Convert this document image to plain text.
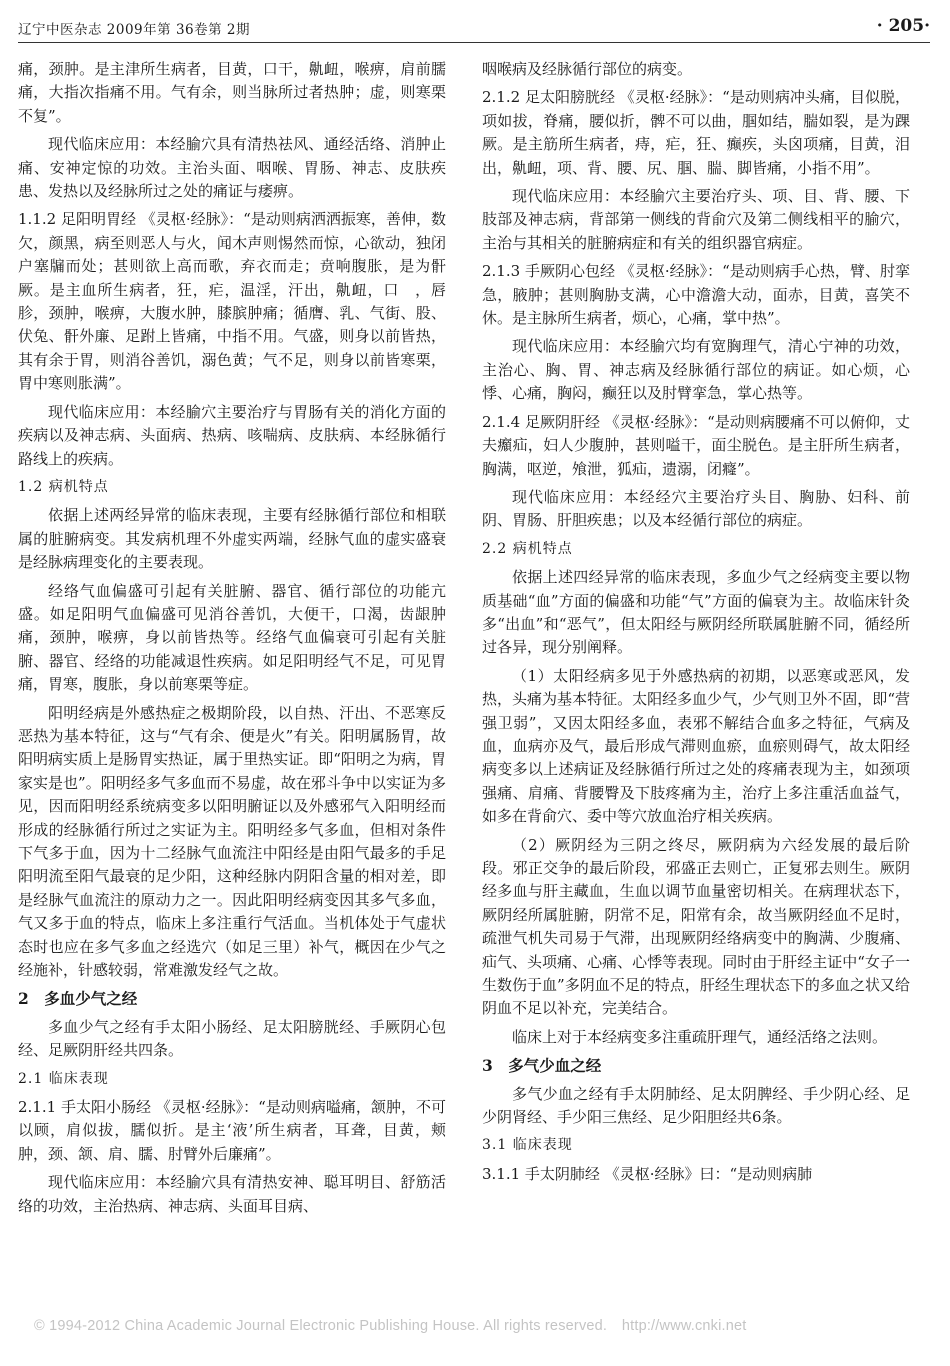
辽宁中医杂志 2009年第 36卷第 2期	· 205·

痛，颈肿。是主津所生病者，目黄，口干，鼽衄，喉痹，肩前臑痛，大指次指痛不用。气有余，则当脉所过者热肿；虚，则寒栗不复”。

现代临床应用：本经腧穴具有清热祛风、通经活络、消肿止痛、安神定惊的功效。主治头面、咽喉、胃肠、神志、皮肤疾患、发热以及经脉所过之处的痛证与痿痹。

1.1.2 足阳明胃经 《灵枢·经脉》：“是动则病洒洒振寒，善伸，数欠，颜黑，病至则恶人与火，闻木声则惕然而惊，心欲动，独闭户塞牖而处；甚则欲上高而歌，弃衣而走；贲响腹胀，是为骭厥。是主血所生病者，狂，疟，温淫，汗出，鼽衄，口　，唇胗，颈肿，喉痹，大腹水肿，膝膑肿痛；循膺、乳、气街、股、伏兔、骭外廉、足跗上皆痛，中指不用。气盛，则身以前皆热，其有余于胃，则消谷善饥，溺色黄；气不足，则身以前皆寒栗，胃中寒则胀满”。

现代临床应用：本经腧穴主要治疗与胃肠有关的消化方面的疾病以及神志病、头面病、热病、咳喘病、皮肤病、本经脉循行路线上的疾病。

1.2 病机特点

依据上述两经异常的临床表现，主要有经脉循行部位和相联属的脏腑病变。其发病机理不外虚实两端，经脉气血的虚实盛衰是经脉病理变化的主要表现。

经络气血偏盛可引起有关脏腑、器官、循行部位的功能亢盛。如足阳明气血偏盛可见消谷善饥，大便干，口渴，齿龈肿痛，颈肿，喉痹，身以前皆热等。经络气血偏衰可引起有关脏腑、器官、经络的功能减退性疾病。如足阳明经气不足，可见胃痛，胃寒，腹胀，身以前寒栗等症。

阳明经病是外感热症之极期阶段，以自热、汗出、不恶寒反恶热为基本特征，这与“气有余、便是火”有关。阳明属肠胃，故阳明病实质上是肠胃实热证，属于里热实证。即“阳明之为病，胃家实是也”。阳明经多气多血而不易虚，故在邪斗争中以实证为多见，因而阳明经系统病变多以阳明腑证以及外感邪气入阳明经而形成的经脉循行所过之实证为主。阳明经多气多血，但相对条件下气多于血，因为十二经脉气血流注中阳经是由阳气最多的手足阳明流至阳气最衰的足少阳，这种经脉内阴阳含量的相对差，即是经脉气血流注的原动力之一。因此阳明经病变因其多气多血，气又多于血的特点，临床上多注重行气活血。当机体处于气虚状态时也应在多气多血之经选穴（如足三里）补气，概因在少气之经施补，针感较弱，常难激发经气之故。

2　多血少气之经

多血少气之经有手太阳小肠经、足太阳膀胱经、手厥阴心包经、足厥阴肝经共四条。

2.1 临床表现

2.1.1 手太阳小肠经 《灵枢·经脉》：“是动则病嗌痛，颔肿，不可以顾，肩似拔，臑似折。是主‘液’所生病者，耳聋，目黄，颊肿，颈、颔、肩、臑、肘臂外后廉痛”。

现代临床应用：本经腧穴具有清热安神、聪耳明目、舒筋活络的功效，主治热病、神志病、头面耳目病、

咽喉病及经脉循行部位的病变。

2.1.2 足太阳膀胱经 《灵枢·经脉》：“是动则病冲头痛，目似脱，项如拔，脊痛，腰似折，髀不可以曲，腘如结，腨如裂，是为踝厥。是主筋所生病者，痔，疟，狂、癫疾，头囟项痛，目黄，泪出，鼽衄，项、背、腰、尻、腘、腨、脚皆痛，小指不用”。

现代临床应用：本经腧穴主要治疗头、项、目、背、腰、下肢部及神志病，背部第一侧线的背俞穴及第二侧线相平的腧穴，主治与其相关的脏腑病症和有关的组织器官病症。

2.1.3 手厥阴心包经 《灵枢·经脉》：“是动则病手心热，臂、肘挛急，腋肿；甚则胸胁支满，心中澹澹大动，面赤，目黄，喜笑不休。是主脉所生病者，烦心，心痛，掌中热”。

现代临床应用：本经腧穴均有宽胸理气，清心宁神的功效，主治心、胸、胃、神志病及经脉循行部位的病证。如心烦，心悸、心痛，胸闷，癫狂以及肘臂挛急，掌心热等。

2.1.4 足厥阴肝经 《灵枢·经脉》：“是动则病腰痛不可以俯仰，丈夫㿗疝，妇人少腹肿，甚则嗌干，面尘脱色。是主肝所生病者，胸满，呕逆，飧泄，狐疝，遗溺，闭癃”。

现代临床应用：本经经穴主要治疗头目、胸胁、妇科、前阴、胃肠、肝胆疾患；以及本经循行部位的病症。

2.2 病机特点

依据上述四经异常的临床表现，多血少气之经病变主要以物质基础“血”方面的偏盛和功能“气”方面的偏衰为主。故临床针灸多“出血”和“恶气”，但太阳经与厥阴经所联属脏腑不同，循经所过各异，现分别阐释。

（1）太阳经病多见于外感热病的初期，以恶寒或恶风，发热，头痛为基本特征。太阳经多血少气，少气则卫外不固，即“营强卫弱”，又因太阳经多血，表邪不解结合血多之特征，气病及血，血病亦及气，最后形成气滞则血瘀，血瘀则碍气，故太阳经病变多以上述病证及经脉循行所过之处的疼痛表现为主，如颈项强痛、肩痛、背腰臀及下肢疼痛为主，治疗上多注重活血益气，如多在背俞穴、委中等穴放血治疗相关疾病。

（2）厥阴经为三阴之终尽，厥阴病为六经发展的最后阶段。邪正交争的最后阶段，邪盛正去则亡，正复邪去则生。厥阴经多血与肝主藏血，生血以调节血量密切相关。在病理状态下，厥阴经所属脏腑，阴常不足，阳常有余，故当厥阴经血不足时，疏泄气机失司易于气滞，出现厥阴经络病变中的胸满、少腹痛、疝气、头项痛、心痛、心悸等表现。同时由于肝经主证中“女子一生数伤于血”多阴血不足的特点，肝经生理状态下的多血之状又给阴血不足以补充，完美结合。

临床上对于本经病变多注重疏肝理气，通经活络之法则。

3　多气少血之经

多气少血之经有手太阴肺经、足太阴脾经、手少阴心经、足少阴肾经、手少阳三焦经、足少阳胆经共6条。

3.1 临床表现

3.1.1 手太阴肺经 《灵枢·经脉》曰：“是动则病肺

© 1994-2012 China Academic Journal Electronic Publishing House. All rights reserved.　http://www.cnki.net
